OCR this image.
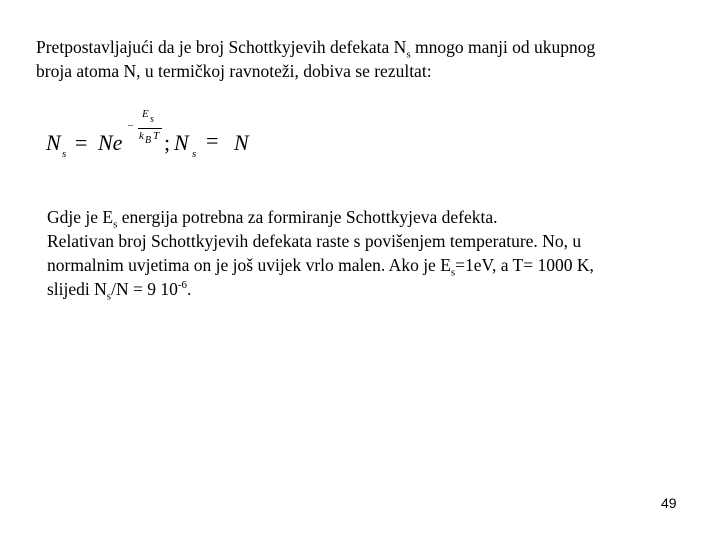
Pretpostavljajući da je broj Schottkyjevih defekata $N_s$ mnogo manji od ukupnog
broja atoma N, u termičkoj ravnoteži, dobiva se rezultat:
N s = Ne
–
E s
k B T ; N s
= N
Gdje je $E_s$ energija potrebna za formiranje Schottkyjeva defekta.
Relativan broj Schottkyjevih defekata raste s povišenjem temperature. No, u
normalnim uvjetima on je još uvijek vrlo malen. Ako je $E_s=1eV$, a T= 1000 K,
slijedi $N_s/N = 9$ $10^{-6}$.
49
